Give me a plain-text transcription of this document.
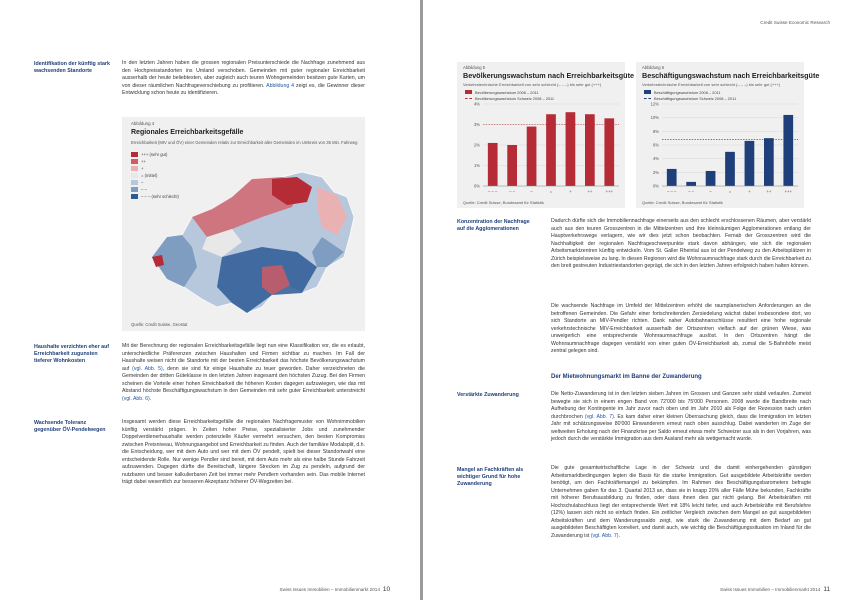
Identifikation der künftig stark wachsenden Standorte
In den letzten Jahren haben die grossen regionalen Preisunterschiede die Nachfrage zunehmend aus den Hochpreisstandorten ins Umland verschoben. Gemeinden mit guter regionaler Erreichbarkeit ausserhalb der heute beliebtesten, aber zugleich auch teuren Wohngemeinden besitzen gute Karten, um von dieser räumlichen Nachfrageverschiebung zu profitieren. Abbildung 4 zeigt es, die Gewinner dieser Entwicklung schon heute zu identifizieren.
Abbildung 4
Regionales Erreichbarkeitsgefälle
Erreichbarkeit (MIV und ÖV) einer Gemeinden relativ zur Erreichbarkeit aller Gemeinden im Umkreis von 35 Min. Fahrweg
+++ (sehr gut)
++
+
= (mittel)
–
– –
– – – (sehr schlecht)
Quelle: Credit Suisse, Geostat
Haushalte verzichten eher auf Erreichbarkeit zugunsten tieferer Wohnkosten
Mit der Berechnung der regionalen Erreichbarkeitsgefälle liegt nun eine Klassifikation vor, die es erlaubt, unterschiedliche Präferenzen zwischen Haushalten und Firmen sichtbar zu machen. Im Fall der Haushalte weisen nicht die Standorte mit der besten Erreichbarkeit das höchste Bevölkerungswachstum auf (vgl. Abb. 5), denn sie sind für einige Haushalte zu teuer geworden. Daher verzeichneten die Gemeinden der dritten Güteklasse in den letzten Jahren insgesamt den höchsten Zuzug. Bei den Firmen scheinen die Vorteile einer hohen Erreichbarkeit die höheren Kosten dagegen aufzuwiegen, wie das mit Abstand höchste Beschäftigungswachstum in den Gemeinden mit sehr guter Erreichbarkeit unterstreicht (vgl. Abb. 6).
Wachsende Toleranz gegenüber ÖV-Pendelwegen
Insgesamt werden diese Erreichbarkeitsgefälle die regionalen Nachfragemuster von Wohnimmobilien künftig verstärkt prägen. In Zeiten hoher Preise, spezialisierter Jobs und zunehmender Doppelverdienerhaushalte werden potenzielle Käufer vermehrt versuchen, den besten Kompromiss zwischen Preisniveau, Wohnungsangebot und Erreichbarkeit zu finden. Auch der familiäre Modalsplit, d.h. die Entscheidung, wer mit dem Auto und wer mit dem ÖV pendelt, spielt bei dieser Standortwahl eine entscheidende Rolle. Nur wenige Pendler sind bereit, mit dem Auto mehr als eine halbe Stunde Fahrzeit aufzuwenden. Dagegen dürfte die Bereitschaft, längere Strecken im Zug zu pendeln, aufgrund der nutzbaren und besser kalkulierbaren Zeit bei immer mehr Pendlern vorhanden sein. Das mobile Internet trägt dabei wesentlich zur besseren Akzeptanz höherer ÖV-Wegzeiten bei.
Swiss Issues Immobilien – Immobilienmarkt 2014 10
Credit Suisse Economic Research
Abbildung 5
Bevölkerungswachstum nach Erreichbarkeitsgüte
Verkehrstechnische Erreichbarkeit von sehr schlecht (– – –) bis sehr gut (+++)
Bevölkerungswachstum 2008 – 2011
Bevölkerungswachstum Schweiz 2008 – 2011
0%
1%
2%
3%
4%
– – –	– –	–	=	+	++	+++
Quelle: Credit Suisse, Bundesamt für Statistik
Abbildung 6
Beschäftigungswachstum nach Erreichbarkeitsgüte
Verkehrstechnische Erreichbarkeit von sehr schlecht (– – –) bis sehr gut (+++)
Beschäftigungswachstum 2008 – 2011
Beschäftigungswachstum Schweiz 2008 – 2011
0%
2%
4%
6%
8%
10%
12%
– – –	– –	–	=	+	++	+++
Quelle: Credit Suisse, Bundesamt für Statistik
Konzentration der Nachfrage auf die Agglomerationen
Dadurch dürfte sich die Immobiliennachfrage einerseits aus den schlecht erschlossenen Räumen, aber verstärkt auch aus den teuren Grosszentren in die Mittelzentren und ihre kleinräumigen Agglomerationen entlang der Hauptverkehrswege verlagern, wie wir dies jetzt schon beobachten. Fernab der Grosszentren wird die Nachhaltigkeit der regionalen Nachfrageschwerpunkte stark davon abhängen, wie sich die regionalen Arbeitsmarktzentren künftig entwickeln. Vom St. Galler Rheintal aus ist der Pendelweg zu den Arbeitsplätzen in Zürich beispielsweise zu lang. In diesen Regionen wird die Wohnraumnachfrage stark durch die Erreichbarkeit zu den breit gestreuten Industriestandorten geprägt, die sich in den letzten Jahren erfolgreich haben halten können.
Die wachsende Nachfrage im Umfeld der Mittelzentren erhöht die raumplanerischen Anforderungen an die betroffenen Gemeinden. Die Gefahr einer fortschreitenden Zersiedelung wächst dabei insbesondere dort, wo sich Standorte an MIV-Pendler richten. Dank naher Autobahnanschlüsse resultiert eine hohe regionale verkehrstechnische MIV-Erreichbarkeit ausserhalb der Ortszentren vielfach auf der grünen Wiese, was unweigerlich eine entsprechende Wohnraumnachfrage auslöst. In den Ortszentren hängt die Wohnraumnachfrage dagegen verstärkt von einer guten ÖV-Erreichbarkeit ab, zumal die S-Bahnhöfe meist zentral gelegen sind.
Der Mietwohnungsmarkt im Banne der Zuwanderung
Verstärkte Zuwanderung	Die Netto-Zuwanderung ist in den letzten sieben Jahren im Grossen und Ganzen sehr stabil verlaufen. Zumeist bewegte sie sich in einem engen Band von 72'000 bis 75'000 Personen. 2008 wurde die Bandbreite nach Aufhebung der Kontingente im Jahr zuvor nach oben und im Jahr 2010 als Folge der Rezession nach unten durchbrochen (vgl. Abb. 7). Es kam daher einer kleinen Überraschung gleich, dass die Immigration im letzten Jahr mit schätzungsweise 80'000 Einwanderern erneut nach oben ausschlug. Dabei wanderten im Zuge der weltweiten Erholung nach der Finanzkrise per Saldo erneut etwas mehr Schweizer aus als in den Vorjahren, was jedoch durch die verstärkte Immigration aus dem Ausland mehr als wettgemacht wurde.
Mangel an Fachkräften als wichtiger Grund für hohe Zuwanderung
Die gute gesamtwirtschaftliche Lage in der Schweiz und die damit einhergehenden günstigen Arbeitsmarktbedingungen legten die Basis für die starke Immigration. Gut ausgebildete Arbeitskräfte werden benötigt, um den Fachkräftemangel zu bekämpfen. Im Rahmen des Beschäftigungsbarometers befragte Unternehmen gaben für das 3. Quartal 2013 an, dass sie in knapp 20% aller Fälle Mühe bekunden, Fachkräfte mit höherer Berufsausbildung zu finden, oder dass ihnen dies gar nicht gelang. Bei Arbeitskräften mit Hochschulabschluss liegt der entsprechende Wert mit 18% leicht tiefer, und auch Arbeitskräfte mit Berufslehre (12%) lassen sich nicht so einfach finden. Ein zeitlicher Vergleich zwischen dem Mangel an gut ausgebildeten Arbeitskräften und dem Wanderungssaldo zeigt, wie stark die Zuwanderung mit dem Bedarf an gut ausgebildeten Beschäftigten korreliert, und damit auch, wie wichtig die Beschäftigungssituation im Inland für die Zuwanderung ist (vgl. Abb. 7).
Swiss Issues Immobilien – Immobilienmarkt 2014 11
